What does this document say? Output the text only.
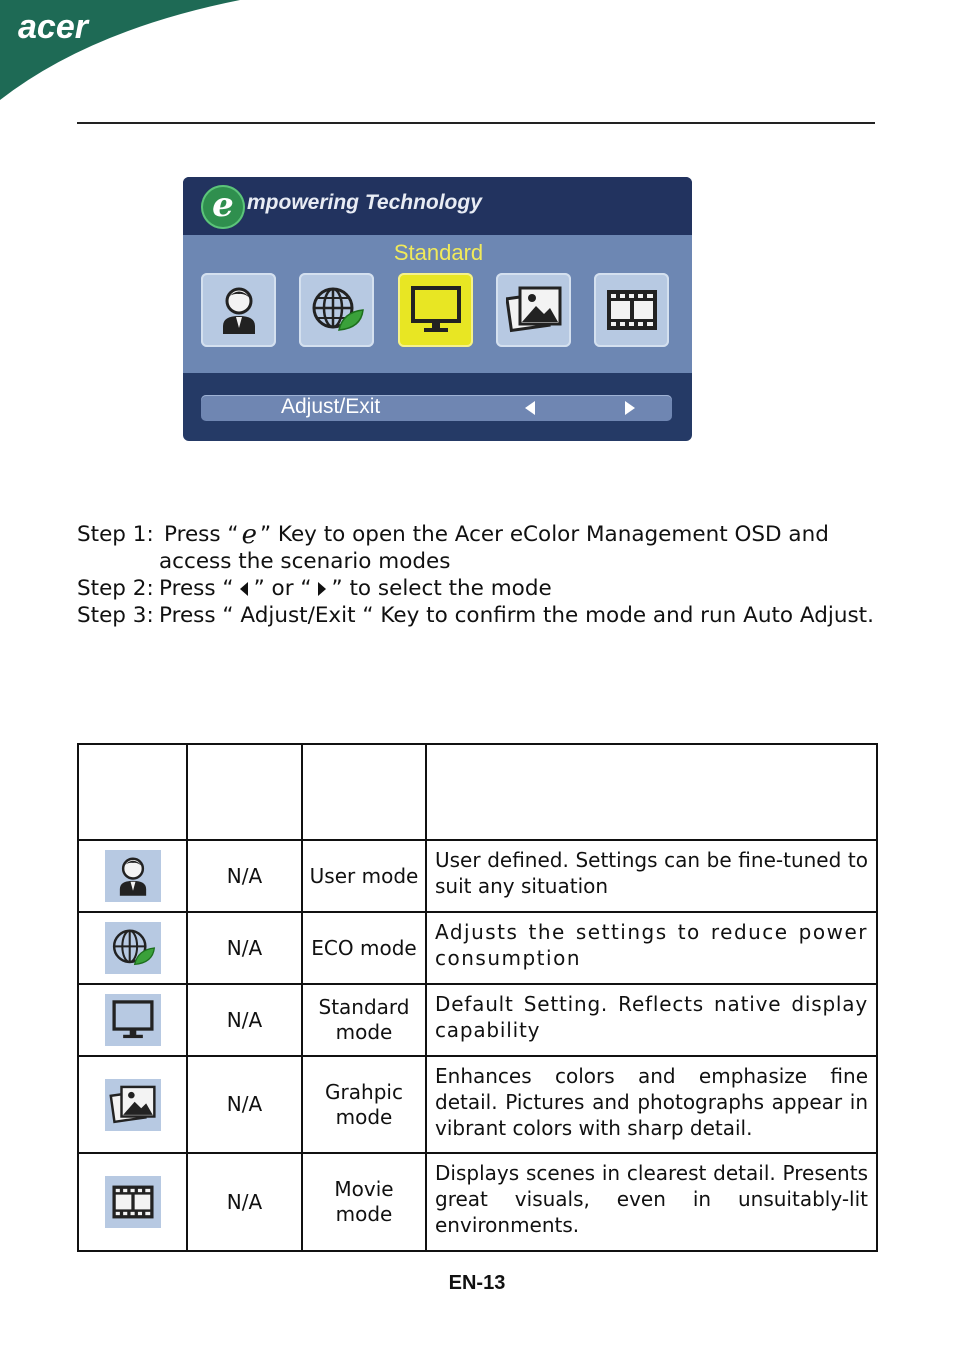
acer
e mpowering Technology
Standard
Adjust/Exit
Step 1: Press “ e ” Key to open the Acer eColor Management OSD and
access the scenario modes
Step 2: Press “ ” or “ ” to select the mode
Step 3: Press “ Adjust/Exit “ Key to confirm the mode and run Auto Adjust.

	N/A	User mode	User defined. Settings can be fine-tuned to suit any situation

	N/A	ECO mode	Adjusts the settings to reduce power consumption

	N/A	Standard mode	Default Setting. Reflects native display capability

	N/A	Grahpic mode	Enhances colors and emphasize fine detail. Pictures and photographs appear in vibrant colors with sharp detail.

	N/A	Movie mode	Displays scenes in clearest detail. Presents great visuals, even in unsuitably-lit environments.
EN-13
